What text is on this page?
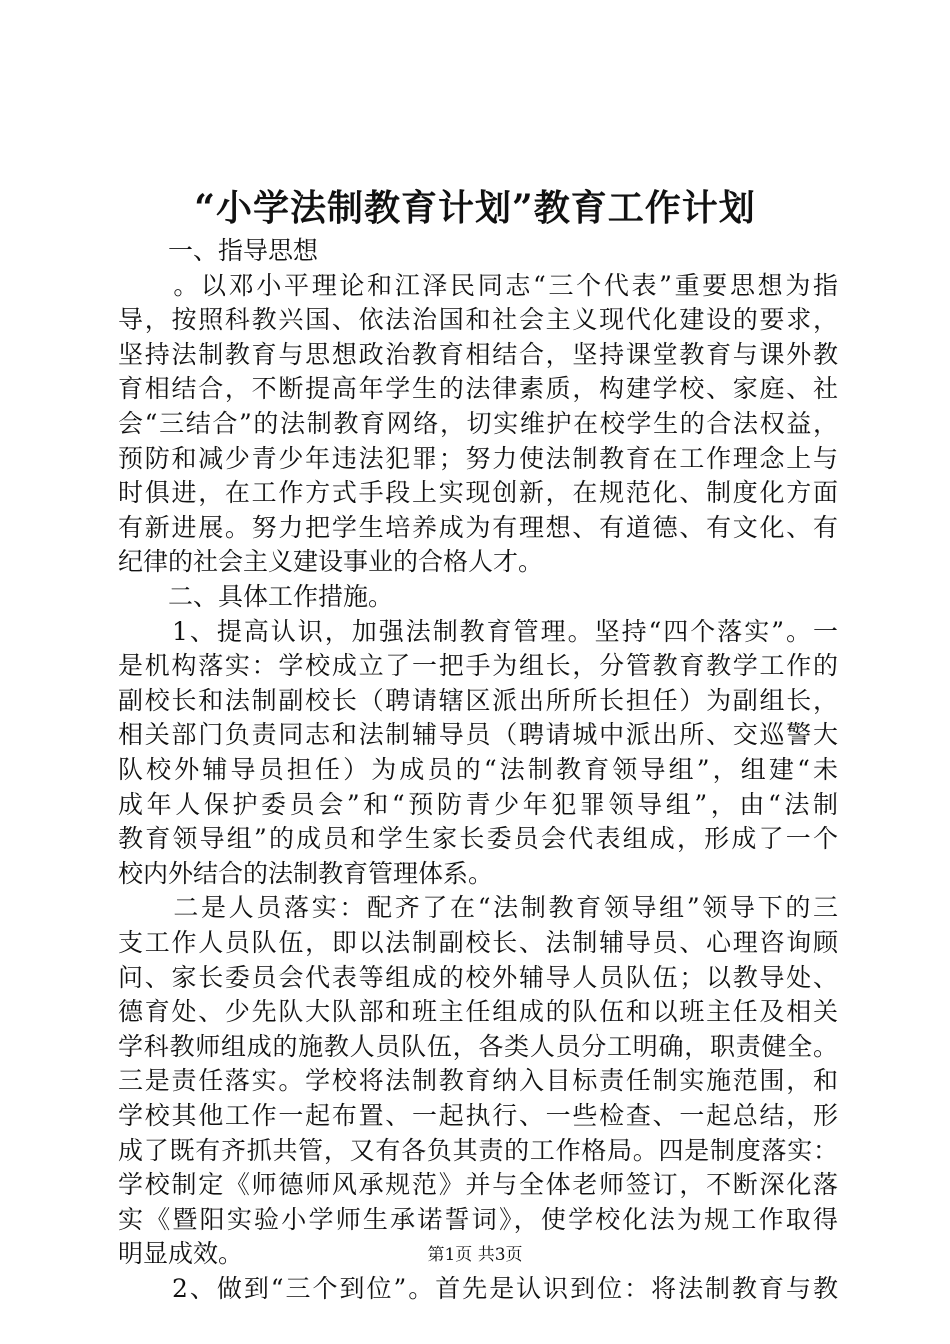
“小学法制教育计划”教育工作计划
　　一、指导思想
　　。以邓小平理论和江泽民同志“三个代表”重要思想为指
导，按照科教兴国、依法治国和社会主义现代化建设的要求，
坚持法制教育与思想政治教育相结合，坚持课堂教育与课外教
育相结合，不断提高年学生的法律素质，构建学校、家庭、社
会“三结合”的法制教育网络，切实维护在校学生的合法权益，
预防和减少青少年违法犯罪；努力使法制教育在工作理念上与
时俱进，在工作方式手段上实现创新，在规范化、制度化方面
有新进展。努力把学生培养成为有理想、有道德、有文化、有
纪律的社会主义建设事业的合格人才。
　　二、具体工作措施。
　　1、提高认识，加强法制教育管理。坚持“四个落实”。一
是机构落实：学校成立了一把手为组长，分管教育教学工作的
副校长和法制副校长（聘请辖区派出所所长担任）为副组长，
相关部门负责同志和法制辅导员（聘请城中派出所、交巡警大
队校外辅导员担任）为成员的“法制教育领导组”，组建“未
成年人保护委员会”和“预防青少年犯罪领导组”，由“法制
教育领导组”的成员和学生家长委员会代表组成，形成了一个
校内外结合的法制教育管理体系。
　　二是人员落实：配齐了在“法制教育领导组”领导下的三
支工作人员队伍，即以法制副校长、法制辅导员、心理咨询顾
问、家长委员会代表等组成的校外辅导人员队伍；以教导处、
德育处、少先队大队部和班主任组成的队伍和以班主任及相关
学科教师组成的施教人员队伍，各类人员分工明确，职责健全。
三是责任落实。学校将法制教育纳入目标责任制实施范围，和
学校其他工作一起布置、一起执行、一些检查、一起总结，形
成了既有齐抓共管，又有各负其责的工作格局。四是制度落实：
学校制定《师德师风承规范》并与全体老师签订，不断深化落
实《暨阳实验小学师生承诺誓词》，使学校化法为规工作取得
明显成效。
　　2、做到“三个到位”。首先是认识到位：将法制教育与教
第1页 共3页
